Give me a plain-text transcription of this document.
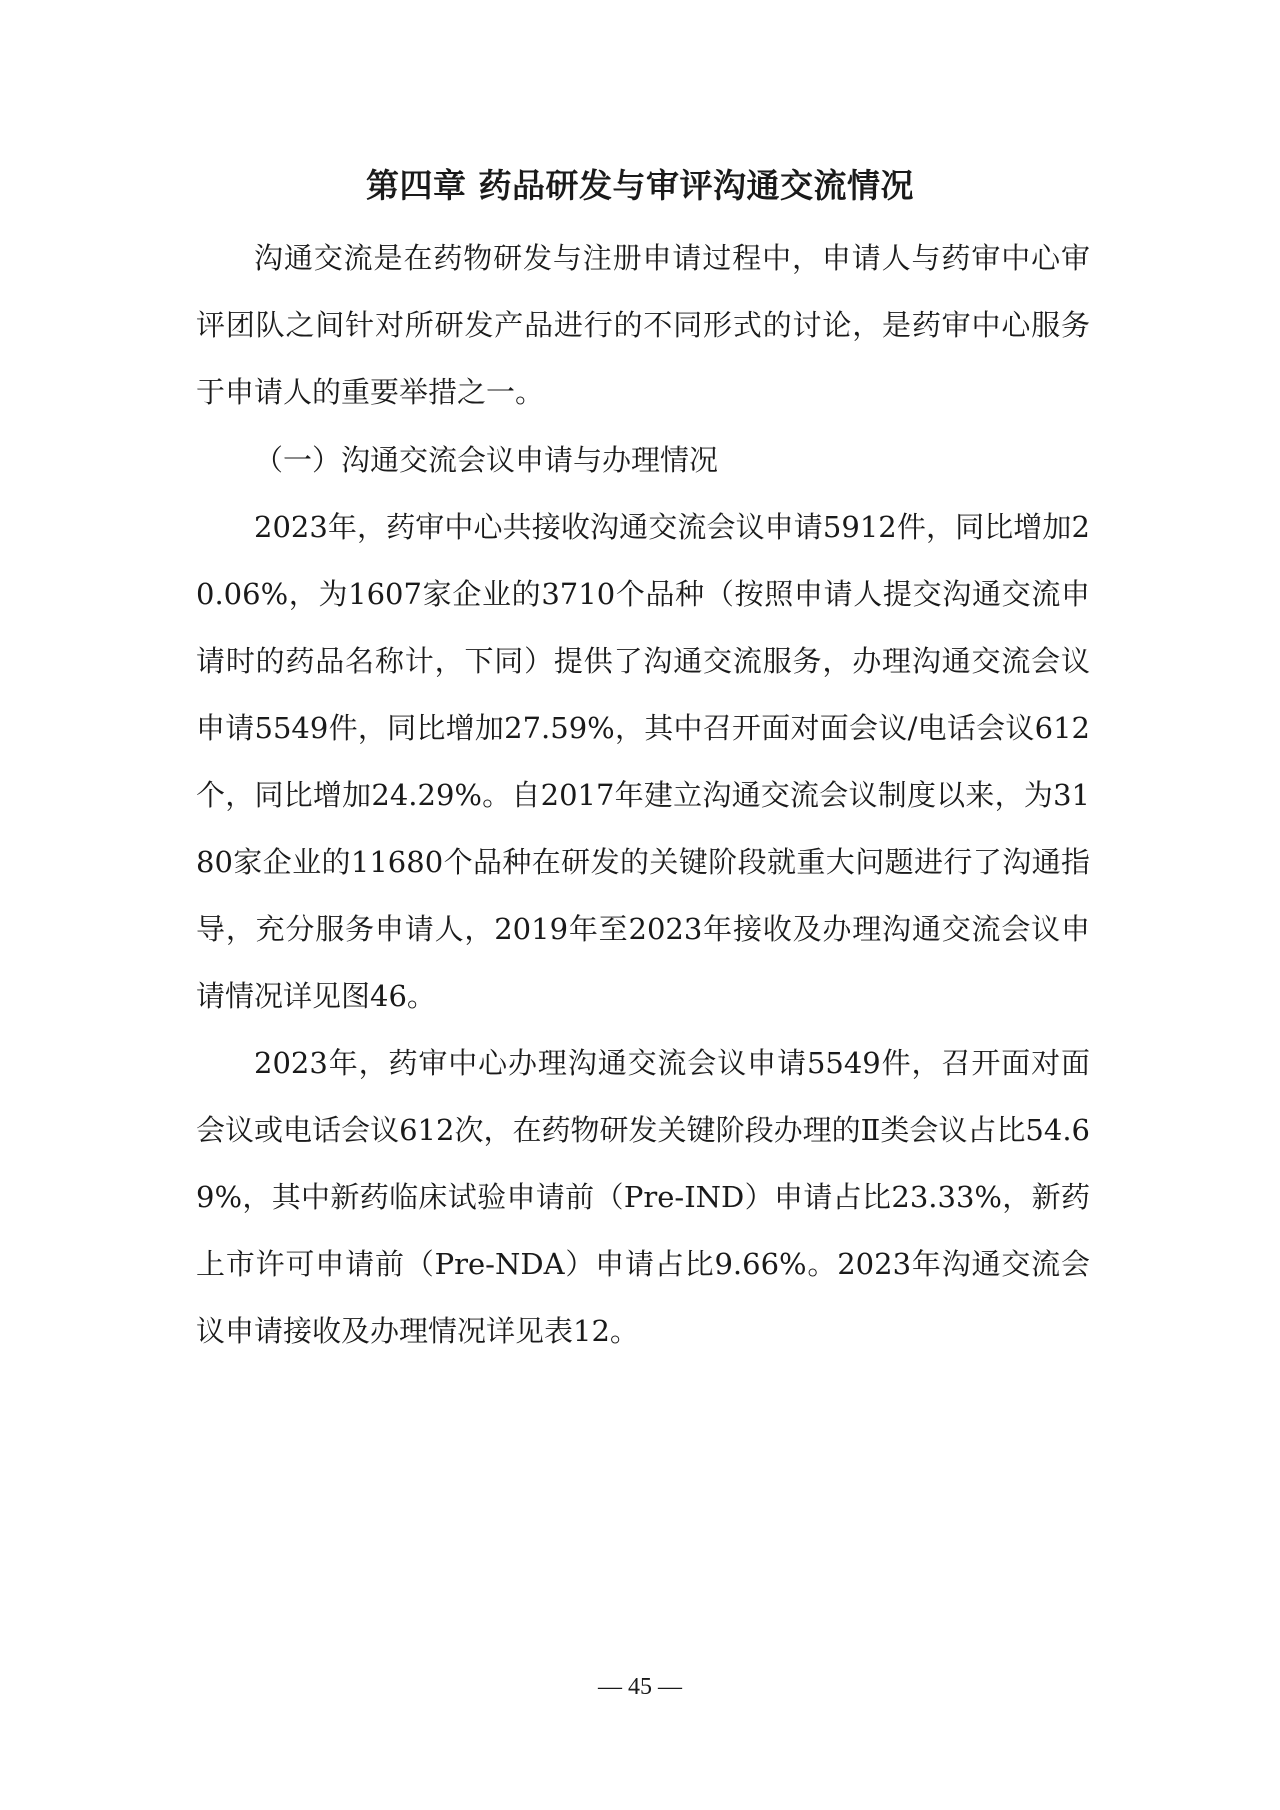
第四章 药品研发与审评沟通交流情况

沟通交流是在药物研发与注册申请过程中，申请人与药审中心审评团队之间针对所研发产品进行的不同形式的讨论，是药审中心服务于申请人的重要举措之一。

（一）沟通交流会议申请与办理情况

2023年，药审中心共接收沟通交流会议申请5912件，同比增加20.06%，为1607家企业的3710个品种（按照申请人提交沟通交流申请时的药品名称计，下同）提供了沟通交流服务，办理沟通交流会议申请5549件，同比增加27.59%，其中召开面对面会议/电话会议612个，同比增加24.29%。自2017年建立沟通交流会议制度以来，为3180家企业的11680个品种在研发的关键阶段就重大问题进行了沟通指导，充分服务申请人，2019年至2023年接收及办理沟通交流会议申请情况详见图46。

2023年，药审中心办理沟通交流会议申请5549件，召开面对面会议或电话会议612次，在药物研发关键阶段办理的Ⅱ类会议占比54.69%，其中新药临床试验申请前（Pre-IND）申请占比23.33%，新药上市许可申请前（Pre-NDA）申请占比9.66%。2023年沟通交流会议申请接收及办理情况详见表12。

— 45 —
